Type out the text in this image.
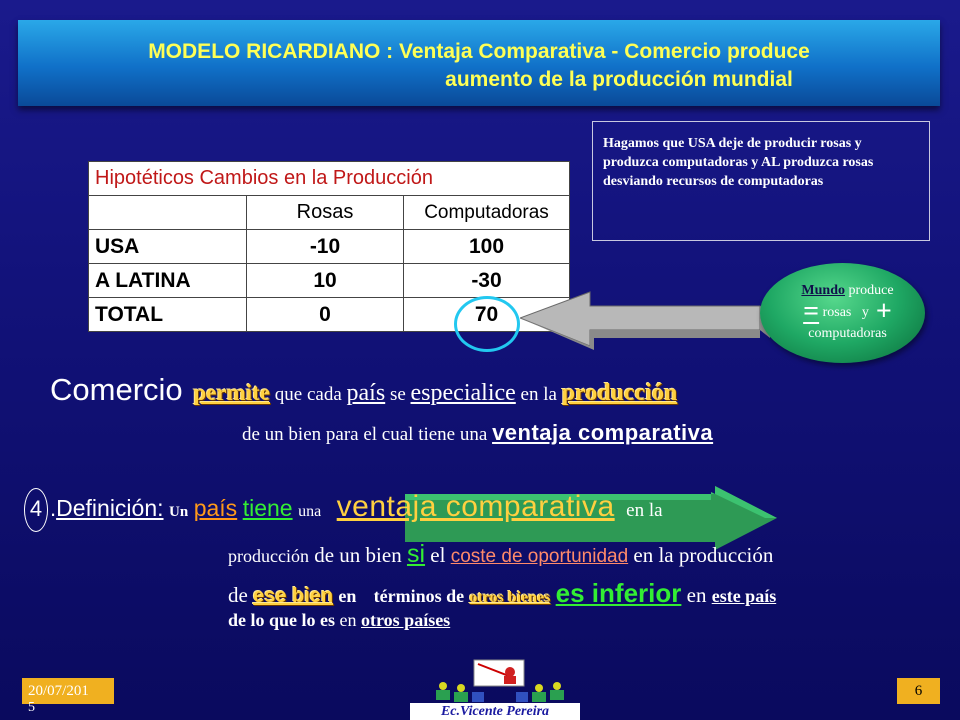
MODELO RICARDIANO : Ventaja Comparativa - Comercio produce

aumento de la producción mundial
Hagamos que USA deje de producir rosas y produzca computadoras y AL produzca rosas desviando recursos de computadoras
Hipotéticos Cambios en la Producción		
	Rosas	Computadoras
USA	-10	100
A LATINA	10	-30
TOTAL	0	70
Mundo produce
= rosas y +
computadoras
Comercio permite que cada país se especialice en la producción
de un bien para el cual tiene una ventaja comparativa
4 .Definición: Un país tiene una ventaja comparativa en la
producción de un bien si el coste de oportunidad en la producción
de ese bien en términos de otros bienes es inferior en este país
de lo que lo es en otros países
20/07/201
5
6
Ec.Vicente Pereira
